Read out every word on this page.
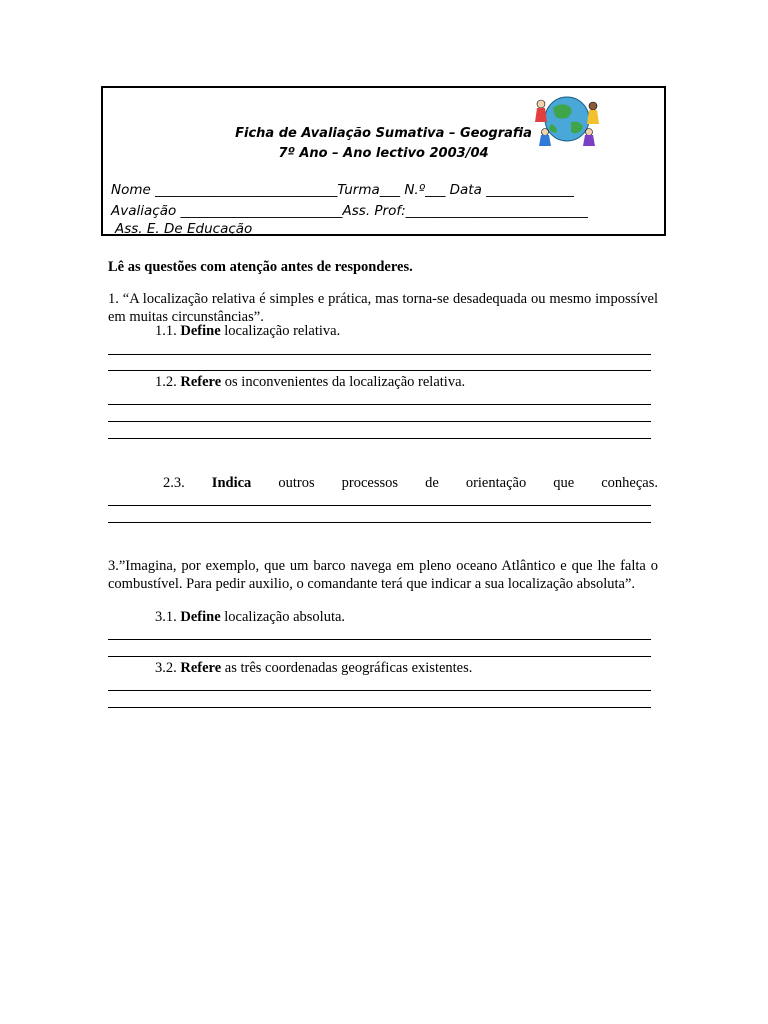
Ficha de Avaliação Sumativa – Geografia
7º Ano – Ano lectivo 2003/04
Nome ___________________________Turma___ N.º___ Data _____________
Avaliação ________________________Ass. Prof:___________________________
Ass. E. De Educação______________________________________________________
Lê as questões com atenção antes de responderes.
1. “A localização relativa é simples e prática, mas torna-se desadequada ou mesmo impossível em muitas circunstâncias”.
1.1. Define localização relativa.
1.2. Refere os inconvenientes da localização relativa.
2.3. Indica outros processos de orientação que conheças.
3.”Imagina, por exemplo, que um barco navega em pleno oceano Atlântico e que lhe falta o combustível. Para pedir auxilio, o comandante terá que indicar a sua localização absoluta”.
3.1. Define localização absoluta.
3.2. Refere as três coordenadas geográficas existentes.
